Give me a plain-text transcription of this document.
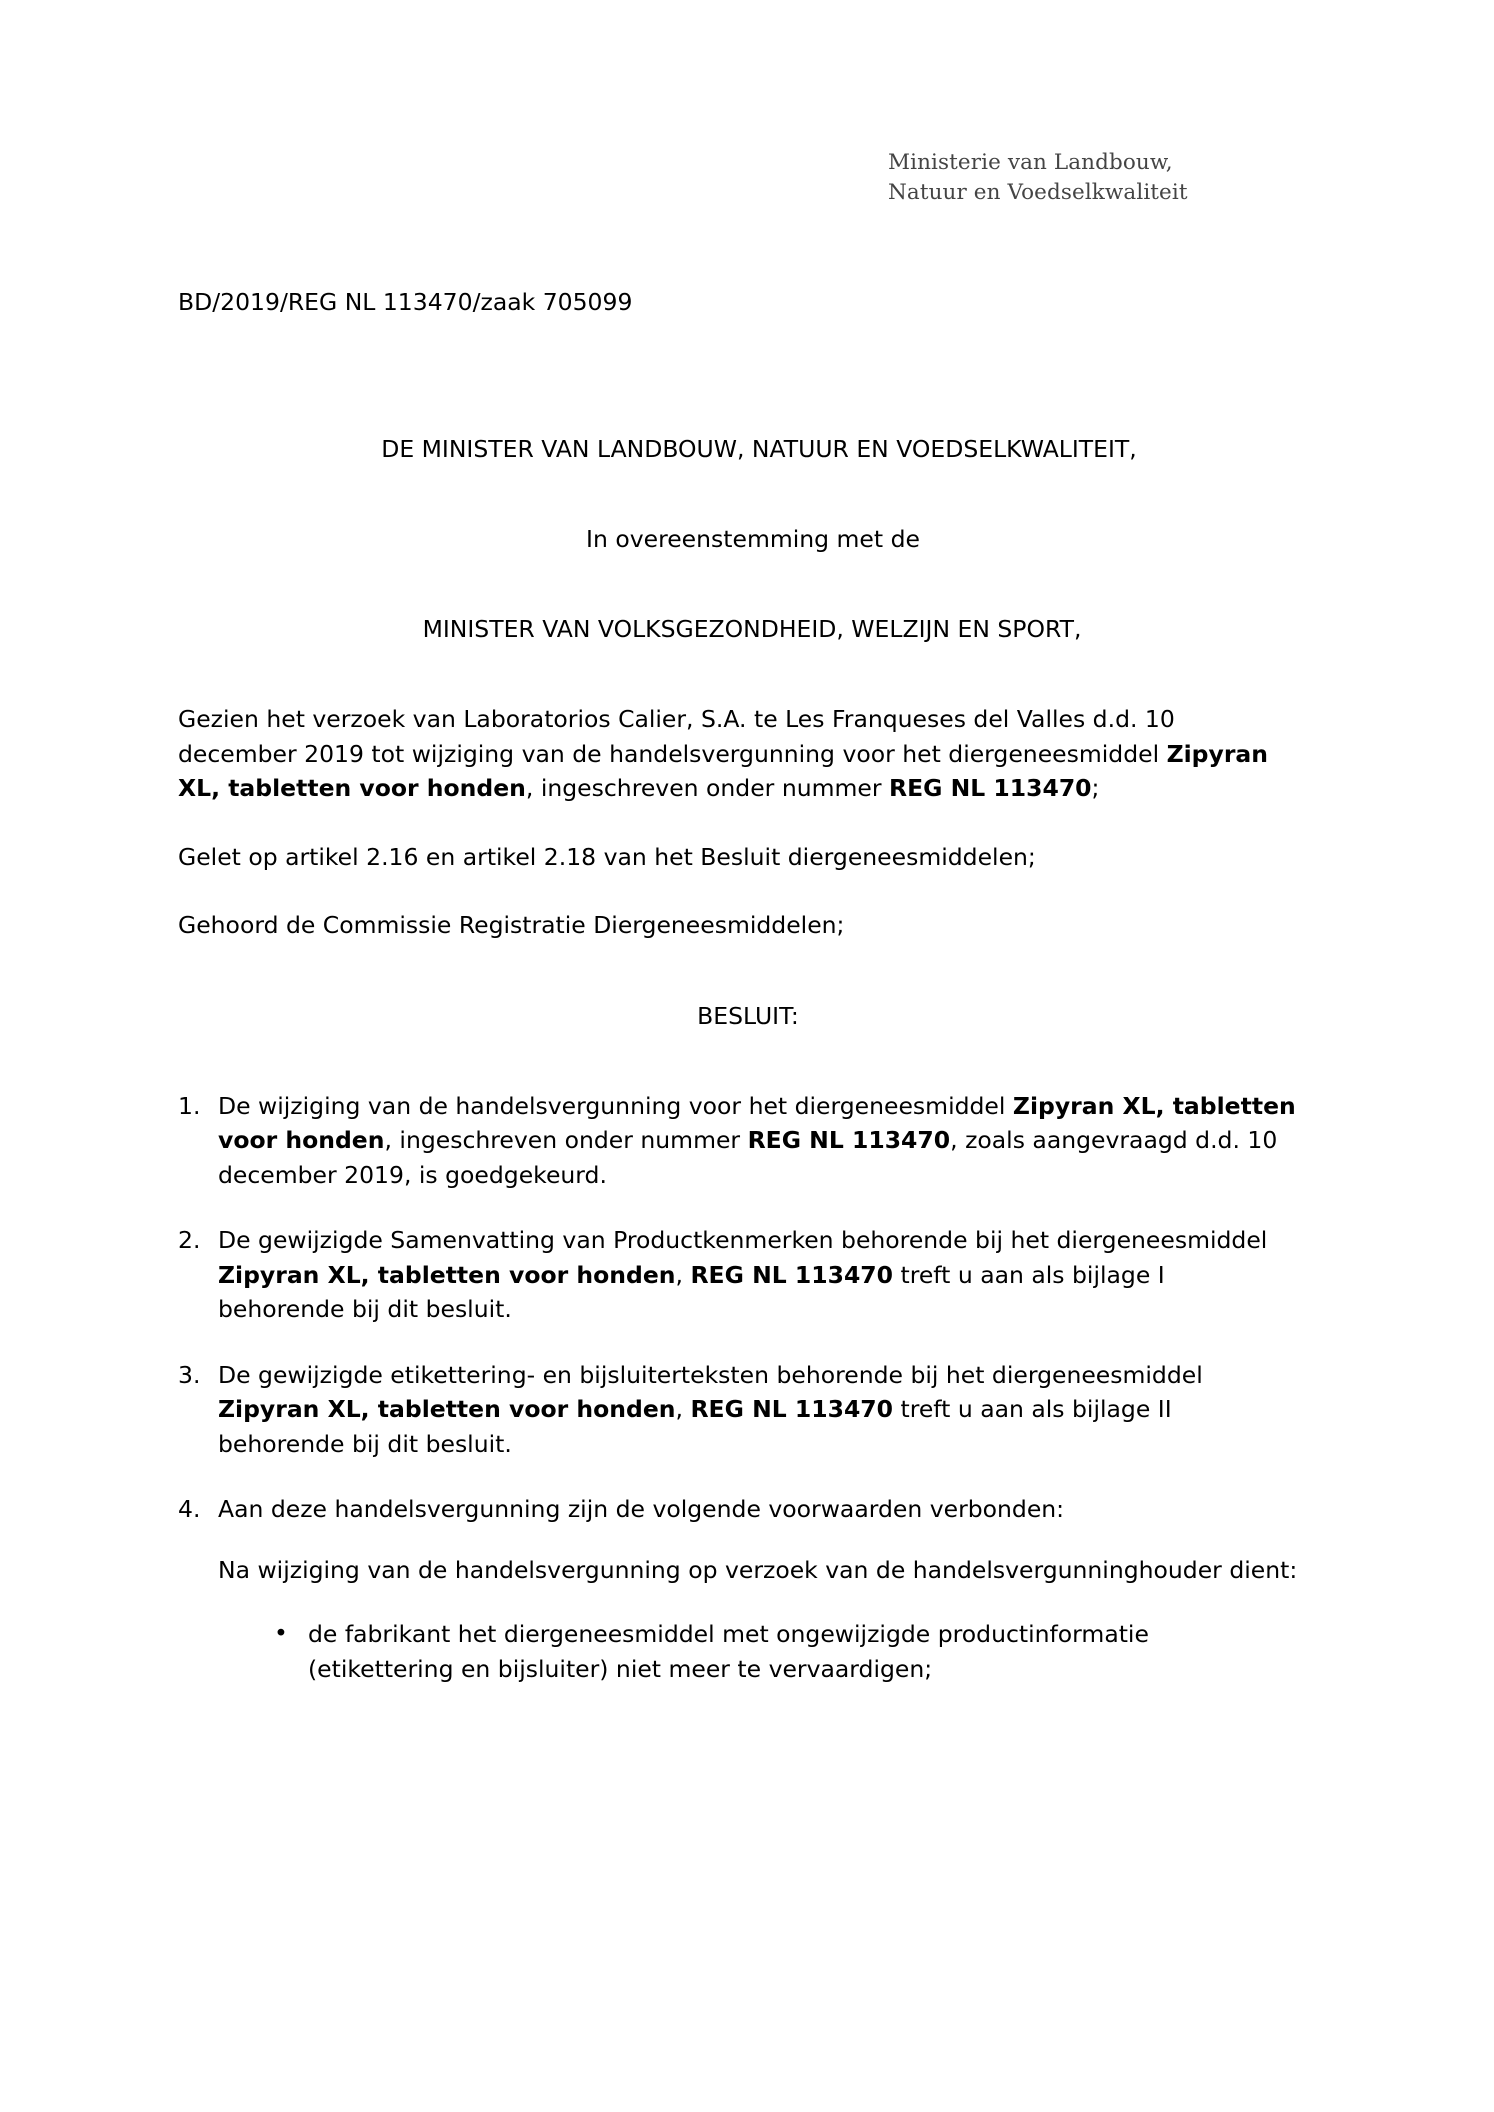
Ministerie van Landbouw,
Natuur en Voedselkwaliteit

BD/2019/REG NL 113470/zaak 705099

DE MINISTER VAN LANDBOUW, NATUUR EN VOEDSELKWALITEIT,
In overeenstemming met de
MINISTER VAN VOLKSGEZONDHEID, WELZIJN EN SPORT,

Gezien het verzoek van Laboratorios Calier, S.A. te Les Franqueses del Valles d.d. 10 december 2019 tot wijziging van de handelsvergunning voor het diergeneesmiddel Zipyran XL, tabletten voor honden, ingeschreven onder nummer REG NL 113470;

Gelet op artikel 2.16 en artikel 2.18 van het Besluit diergeneesmiddelen;

Gehoord de Commissie Registratie Diergeneesmiddelen;

BESLUIT:
1. De wijziging van de handelsvergunning voor het diergeneesmiddel Zipyran XL, tabletten voor honden, ingeschreven onder nummer REG NL 113470, zoals aangevraagd d.d. 10 december 2019, is goedgekeurd.
2. De gewijzigde Samenvatting van Productkenmerken behorende bij het diergeneesmiddel Zipyran XL, tabletten voor honden, REG NL 113470 treft u aan als bijlage I behorende bij dit besluit.
3. De gewijzigde etikettering- en bijsluiterteksten behorende bij het diergeneesmiddel Zipyran XL, tabletten voor honden, REG NL 113470 treft u aan als bijlage II behorende bij dit besluit.
4. Aan deze handelsvergunning zijn de volgende voorwaarden verbonden:

Na wijziging van de handelsvergunning op verzoek van de handelsvergunninghouder dient:

• de fabrikant het diergeneesmiddel met ongewijzigde productinformatie (etikettering en bijsluiter) niet meer te vervaardigen;
